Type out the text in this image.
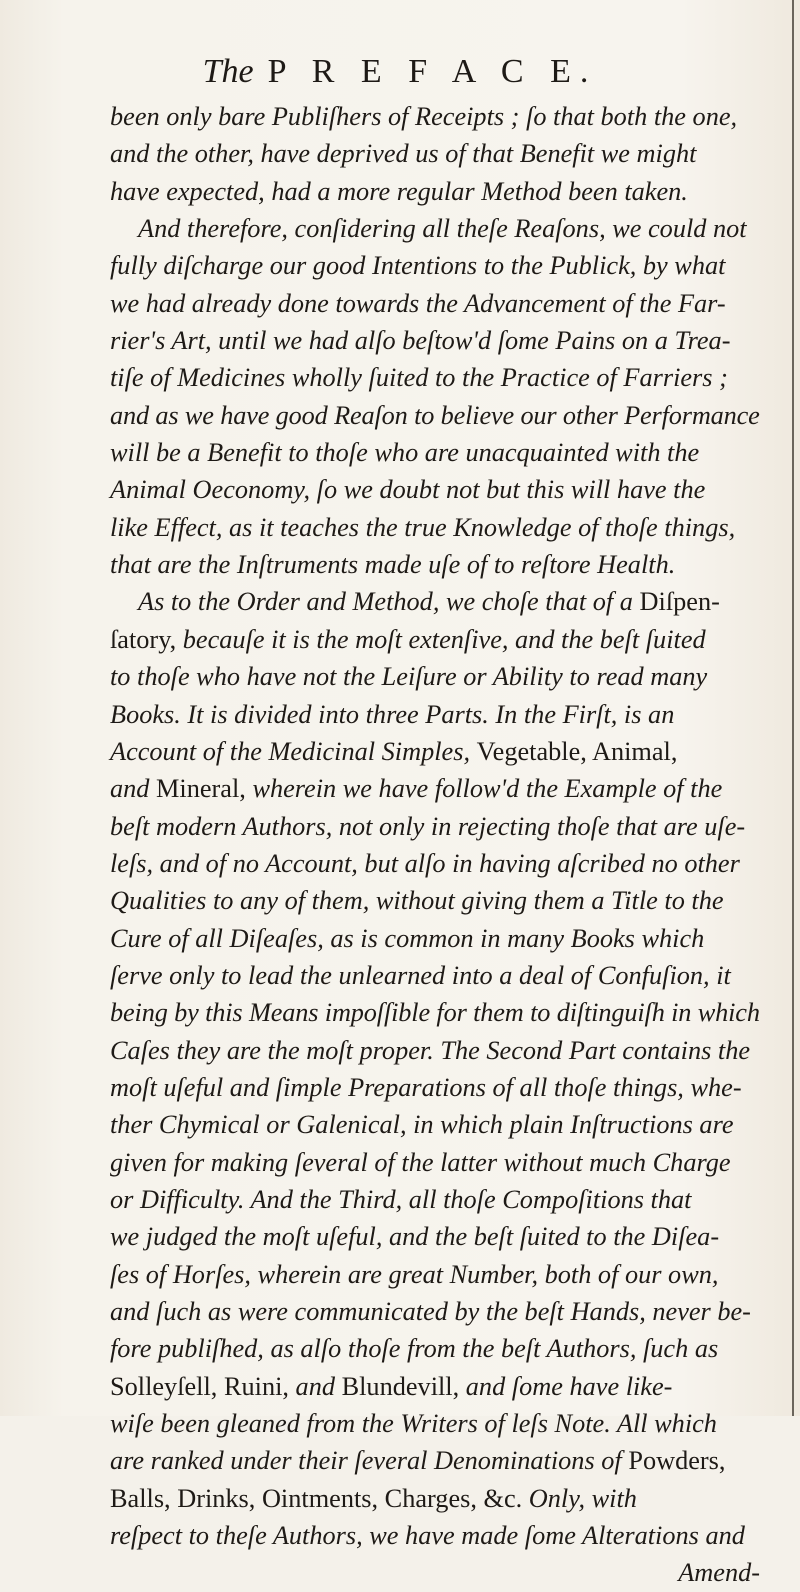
The P R E F A C E.
been only bare Publiſhers of Receipts ; ſo that both the one,
and the other, have deprived us of that Benefit we might
have expected, had a more regular Method been taken.
And therefore, conſidering all theſe Reaſons, we could not
fully diſcharge our good Intentions to the Publick, by what
we had already done towards the Advancement of the Far-
rier's Art, until we had alſo beſtow'd ſome Pains on a Trea-
tiſe of Medicines wholly ſuited to the Practice of Farriers ;
and as we have good Reaſon to believe our other Performance
will be a Benefit to thoſe who are unacquainted with the
Animal Oeconomy, ſo we doubt not but this will have the
like Effect, as it teaches the true Knowledge of thoſe things,
that are the Inſtruments made uſe of to reſtore Health.
As to the Order and Method, we choſe that of a Diſpen-
ſatory, becauſe it is the moſt extenſive, and the beſt ſuited
to thoſe who have not the Leiſure or Ability to read many
Books. It is divided into three Parts. In the Firſt, is an
Account of the Medicinal Simples, Vegetable, Animal,
and Mineral, wherein we have follow'd the Example of the
beſt modern Authors, not only in rejecting thoſe that are uſe-
leſs, and of no Account, but alſo in having aſcribed no other
Qualities to any of them, without giving them a Title to the
Cure of all Diſeaſes, as is common in many Books which
ſerve only to lead the unlearned into a deal of Confuſion, it
being by this Means impoſſible for them to diſtinguiſh in which
Caſes they are the moſt proper. The Second Part contains the
moſt uſeful and ſimple Preparations of all thoſe things, whe-
ther Chymical or Galenical, in which plain Inſtructions are
given for making ſeveral of the latter without much Charge
or Difficulty. And the Third, all thoſe Compoſitions that
we judged the moſt uſeful, and the beſt ſuited to the Diſea-
ſes of Horſes, wherein are great Number, both of our own,
and ſuch as were communicated by the beſt Hands, never be-
fore publiſhed, as alſo thoſe from the beſt Authors, ſuch as
Solleyſell, Ruini, and Blundevill, and ſome have like-
wiſe been gleaned from the Writers of leſs Note. All which
are ranked under their ſeveral Denominations of Powders,
Balls, Drinks, Ointments, Charges, &c. Only, with
reſpect to theſe Authors, we have made ſome Alterations and
Amend-
